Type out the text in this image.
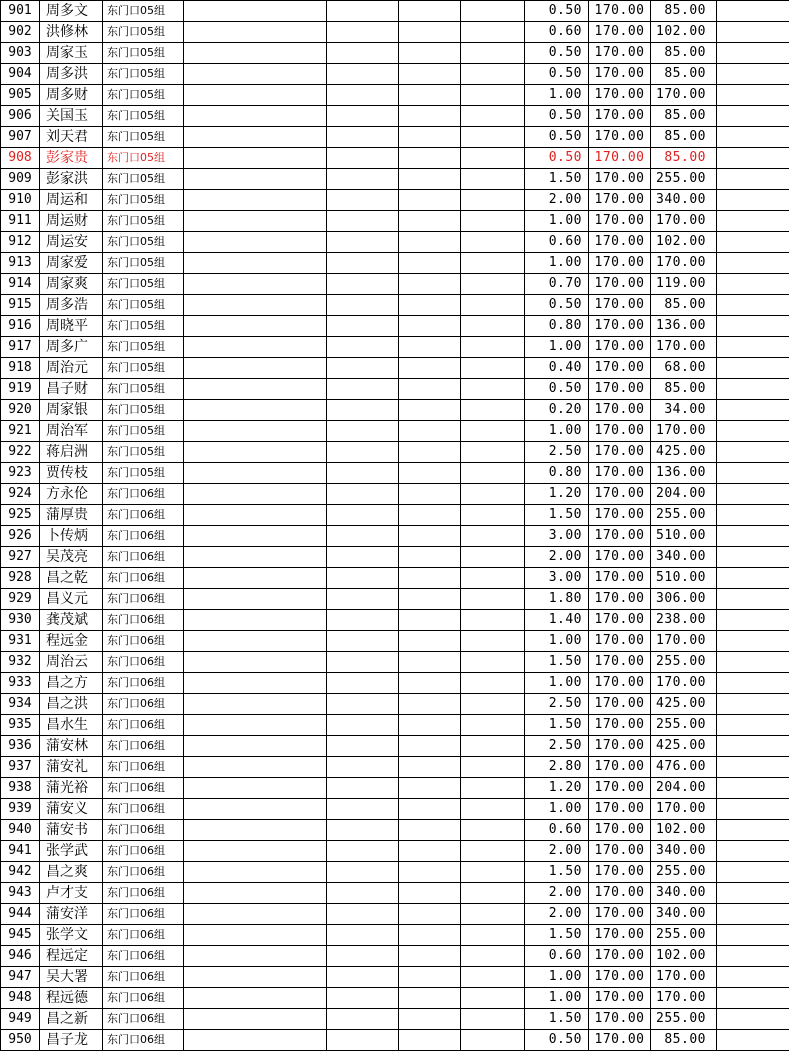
901	周多文	东门口05组					0.50	170.00	85.00	
902	洪修林	东门口05组					0.60	170.00	102.00	
903	周家玉	东门口05组					0.50	170.00	85.00	
904	周多洪	东门口05组					0.50	170.00	85.00	
905	周多财	东门口05组					1.00	170.00	170.00	
906	关国玉	东门口05组					0.50	170.00	85.00	
907	刘天君	东门口05组					0.50	170.00	85.00	
908	彭家贵	东门口05组					0.50	170.00	85.00	
909	彭家洪	东门口05组					1.50	170.00	255.00	
910	周运和	东门口05组					2.00	170.00	340.00	
911	周运财	东门口05组					1.00	170.00	170.00	
912	周运安	东门口05组					0.60	170.00	102.00	
913	周家爱	东门口05组					1.00	170.00	170.00	
914	周家爽	东门口05组					0.70	170.00	119.00	
915	周多浩	东门口05组					0.50	170.00	85.00	
916	周晓平	东门口05组					0.80	170.00	136.00	
917	周多广	东门口05组					1.00	170.00	170.00	
918	周治元	东门口05组					0.40	170.00	68.00	
919	昌子财	东门口05组					0.50	170.00	85.00	
920	周家银	东门口05组					0.20	170.00	34.00	
921	周治军	东门口05组					1.00	170.00	170.00	
922	蒋启洲	东门口05组					2.50	170.00	425.00	
923	贾传枝	东门口05组					0.80	170.00	136.00	
924	方永伦	东门口06组					1.20	170.00	204.00	
925	蒲厚贵	东门口06组					1.50	170.00	255.00	
926	卜传炳	东门口06组					3.00	170.00	510.00	
927	吴茂亮	东门口06组					2.00	170.00	340.00	
928	昌之乾	东门口06组					3.00	170.00	510.00	
929	昌义元	东门口06组					1.80	170.00	306.00	
930	龚茂斌	东门口06组					1.40	170.00	238.00	
931	程远金	东门口06组					1.00	170.00	170.00	
932	周治云	东门口06组					1.50	170.00	255.00	
933	昌之方	东门口06组					1.00	170.00	170.00	
934	昌之洪	东门口06组					2.50	170.00	425.00	
935	昌水生	东门口06组					1.50	170.00	255.00	
936	蒲安林	东门口06组					2.50	170.00	425.00	
937	蒲安礼	东门口06组					2.80	170.00	476.00	
938	蒲光裕	东门口06组					1.20	170.00	204.00	
939	蒲安义	东门口06组					1.00	170.00	170.00	
940	蒲安书	东门口06组					0.60	170.00	102.00	
941	张学武	东门口06组					2.00	170.00	340.00	
942	昌之爽	东门口06组					1.50	170.00	255.00	
943	卢才支	东门口06组					2.00	170.00	340.00	
944	蒲安洋	东门口06组					2.00	170.00	340.00	
945	张学文	东门口06组					1.50	170.00	255.00	
946	程远定	东门口06组					0.60	170.00	102.00	
947	吴大署	东门口06组					1.00	170.00	170.00	
948	程远德	东门口06组					1.00	170.00	170.00	
949	昌之新	东门口06组					1.50	170.00	255.00	
950	昌子龙	东门口06组					0.50	170.00	85.00	
